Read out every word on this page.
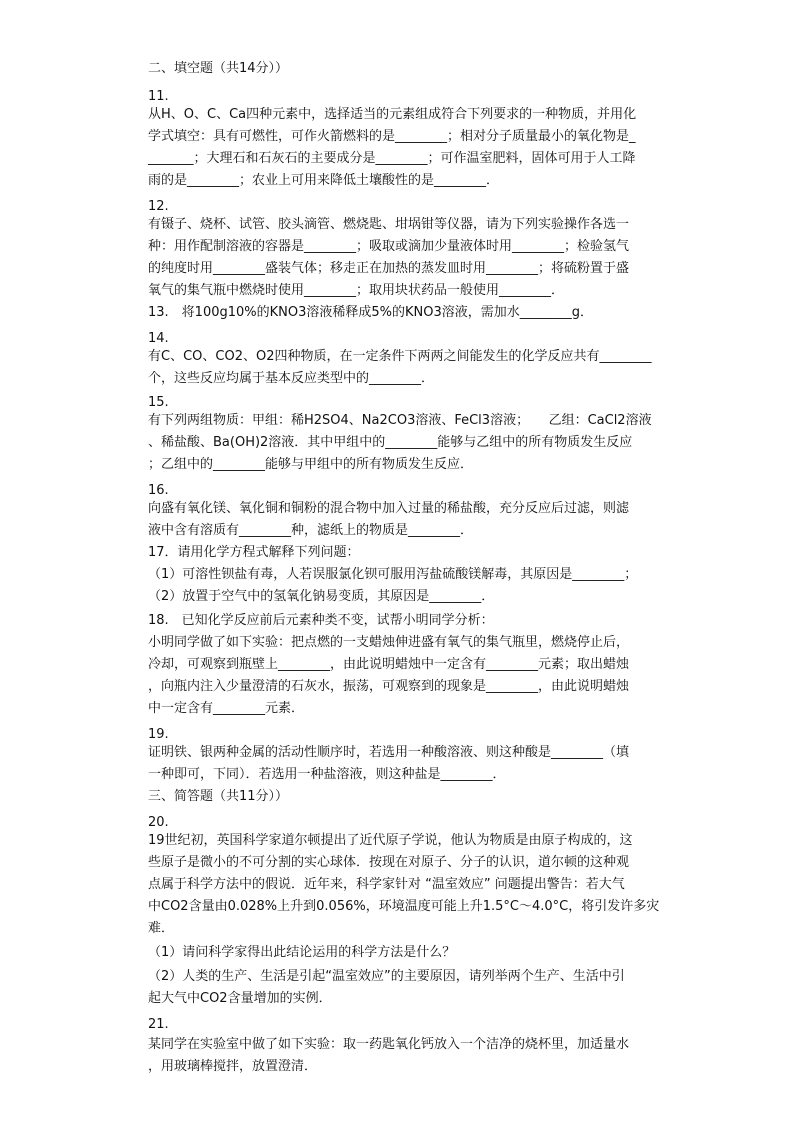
二、填空题（共14分））
11.
从H、O、C、Ca四种元素中，选择适当的元素组成符合下列要求的一种物质，并用化
学式填空：具有可燃性，可作火箭燃料的是________；相对分子质量最小的氧化物是_
_______；大理石和石灰石的主要成分是________；可作温室肥料，固体可用于人工降
雨的是________；农业上可用来降低土壤酸性的是________．
12.
有镊子、烧杯、试管、胶头滴管、燃烧匙、坩埚钳等仪器，请为下列实验操作各选一
种：用作配制溶液的容器是________；吸取或滴加少量液体时用________；检验氢气
的纯度时用________盛装气体；移走正在加热的蒸发皿时用________；将硫粉置于盛
氧气的集气瓶中燃烧时使用________；取用块状药品一般使用________．
13.　将100g10%的KNO3溶液稀释成5%的KNO3溶液，需加水________g．
14.
有C、CO、CO2、O2四种物质，在一定条件下两两之间能发生的化学反应共有________
个，这些反应均属于基本反应类型中的________．
15.
有下列两组物质：甲组：稀H2SO4、Na2CO3溶液、FeCl3溶液；　　乙组：CaCl2溶液
、稀盐酸、Ba(OH)2溶液．其中甲组中的________能够与乙组中的所有物质发生反应
；乙组中的________能够与甲组中的所有物质发生反应．
16.
向盛有氧化镁、氧化铜和铜粉的混合物中加入过量的稀盐酸，充分反应后过滤，则滤
液中含有溶质有________种，滤纸上的物质是________．
17．请用化学方程式解释下列问题：
（1）可溶性钡盐有毒，人若误服氯化钡可服用泻盐硫酸镁解毒，其原因是________；
（2）放置于空气中的氢氧化钠易变质，其原因是________．
18.　已知化学反应前后元素种类不变，试帮小明同学分析：
小明同学做了如下实验：把点燃的一支蜡烛伸进盛有氧气的集气瓶里，燃烧停止后，
冷却，可观察到瓶壁上________，由此说明蜡烛中一定含有________元素；取出蜡烛
，向瓶内注入少量澄清的石灰水，振荡，可观察到的现象是________，由此说明蜡烛
中一定含有________元素．
19.
证明铁、银两种金属的活动性顺序时，若选用一种酸溶液、则这种酸是________（填
一种即可，下同）．若选用一种盐溶液，则这种盐是________．
三、简答题（共11分））
20.
19世纪初，英国科学家道尔顿提出了近代原子学说，他认为物质是由原子构成的，这
些原子是微小的不可分割的实心球体．按现在对原子、分子的认识，道尔顿的这种观
点属于科学方法中的假说．近年来，科学家针对 “温室效应” 问题提出警告：若大气
中CO2含量由0.028%上升到0.056%，环境温度可能上升1.5°C～4.0°C，将引发许多灾
难．
（1）请问科学家得出此结论运用的科学方法是什么？
（2）人类的生产、生活是引起“温室效应”的主要原因，请列举两个生产、生活中引
起大气中CO2含量增加的实例．
21.
某同学在实验室中做了如下实验：取一药匙氧化钙放入一个洁净的烧杯里，加适量水
，用玻璃棒搅拌，放置澄清．
